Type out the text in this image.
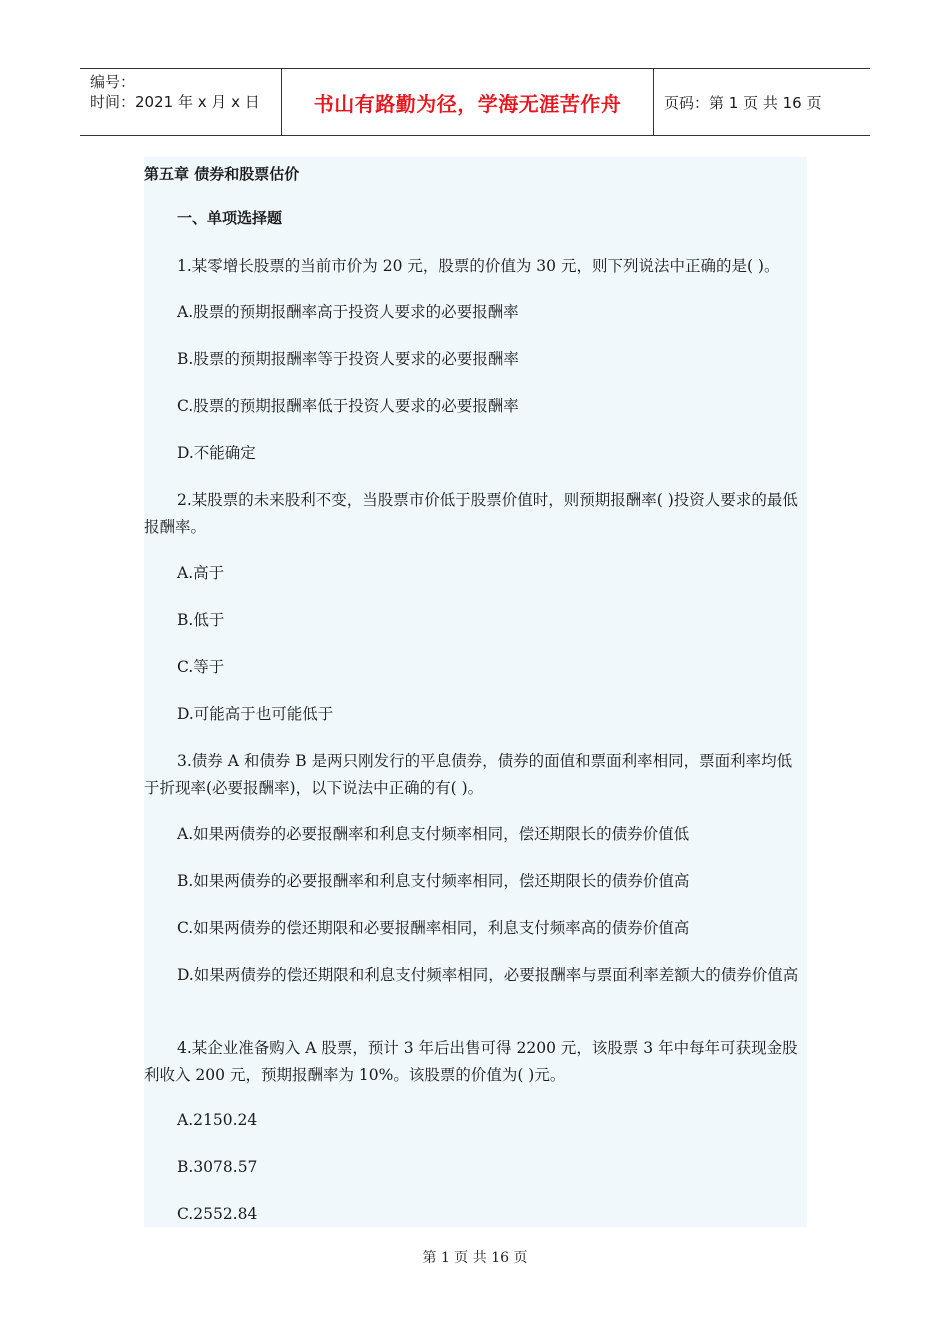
编号：
时间：2021 年 x 月 x 日	书山有路勤为径，学海无涯苦作舟	页码：第 1 页 共 16 页
第五章 债券和股票估价
一、单项选择题
1.某零增长股票的当前市价为 20 元，股票的价值为 30 元，则下列说法中正确的是( )。
A.股票的预期报酬率高于投资人要求的必要报酬率
B.股票的预期报酬率等于投资人要求的必要报酬率
C.股票的预期报酬率低于投资人要求的必要报酬率
D.不能确定
2.某股票的未来股利不变，当股票市价低于股票价值时，则预期报酬率( )投资人要求的最低报酬率。
A.高于
B.低于
C.等于
D.可能高于也可能低于
3.债券 A 和债券 B 是两只刚发行的平息债券，债券的面值和票面利率相同，票面利率均低于折现率(必要报酬率)，以下说法中正确的有( )。
A.如果两债券的必要报酬率和利息支付频率相同，偿还期限长的债券价值低
B.如果两债券的必要报酬率和利息支付频率相同，偿还期限长的债券价值高
C.如果两债券的偿还期限和必要报酬率相同，利息支付频率高的债券价值高
D.如果两债券的偿还期限和利息支付频率相同，必要报酬率与票面利率差额大的债券价值高
4.某企业准备购入 A 股票，预计 3 年后出售可得 2200 元，该股票 3 年中每年可获现金股利收入 200 元，预期报酬率为 10%。该股票的价值为( )元。
A.2150.24
B.3078.57
C.2552.84
第 1 页 共 16 页
